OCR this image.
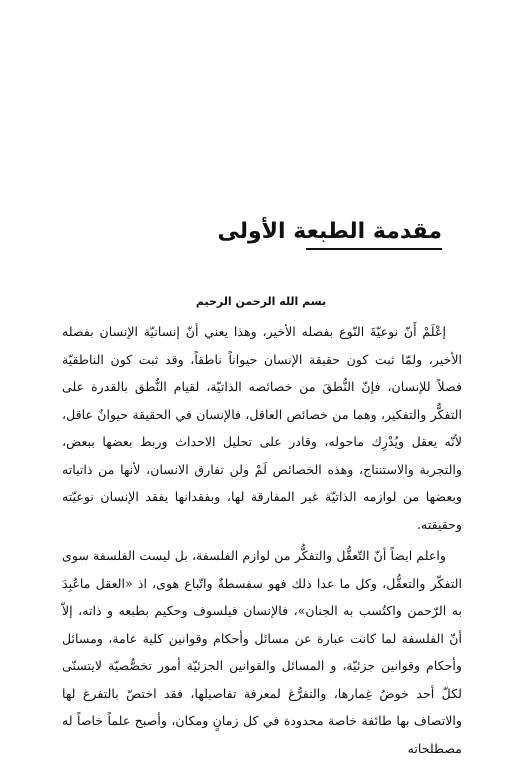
مقدمة الطبعة الأولى
بسم الله الرحمن الرحيم

إعْلَمْ أَنّ نوعيّةَ النّوع بفصله الأخير، وهذا يعني أنّ إنسانيّة الإنسان بفصله الأخير، ولمّا ثبت كون حقيقة الإنسان حيواناً ناطقاً، وقد ثبت كون الناطقيّة فصلاً للإنسان، فإنّ النُّطقَ من خصائصه الذاتيّة، لقيام النُّطق بالقدرة على التفكُّر والتفكير، وهما من خصائص العاقل، فالإنسان في الحقيقة حيوانٌ عاقل، لأنّه يعقل ويُدْرِك ماحوله، وقادر على تحليل الاحداث وربط بعضها ببعض، والتجربة والاستنتاج، وهذه الخصائص لَمْ ولن تفارق الانسان، لأنها من ذاتياته وبعضها من لوازمه الذاتيّة غير المفارقة لها، وبفقدانها يفقد الإنسان نوعيّته وحقيقته.

واعلم ايضاً أنّ التّعقُّل والتفكُّر من لوازم الفلسفة، بل ليست الفلسفة سوى التفكّر والتعقُّل، وكل ما عدا ذلك فهو سفسطةٌ واتّباع هوى، اذ «العقل ماعُبِدَ به الرّحمن واكتُسب به الجنان»، فالإنسان فيلسوف وحكيم بطبعه و ذاته، إلاّ أنّ الفلسفة لما كانت عبارة عن مسائل وأحكام وقوانين كلية عامة، ومسائل وأحكام وقوانين جزئيّة، و المسائل والقوانين الجزئيّة أمور تخصُّصيّة لايتسنّى لكلّ أحد خوضُ غِمارها، والتفرُّغ لمعرفة تفاصيلها، فقد اختصّ بالتفرغ لها والاتصاف بها طائفة خاصة محدودة في كل زمانٍ ومكان، وأصبح علماً خاصاً له مصطلحاته
